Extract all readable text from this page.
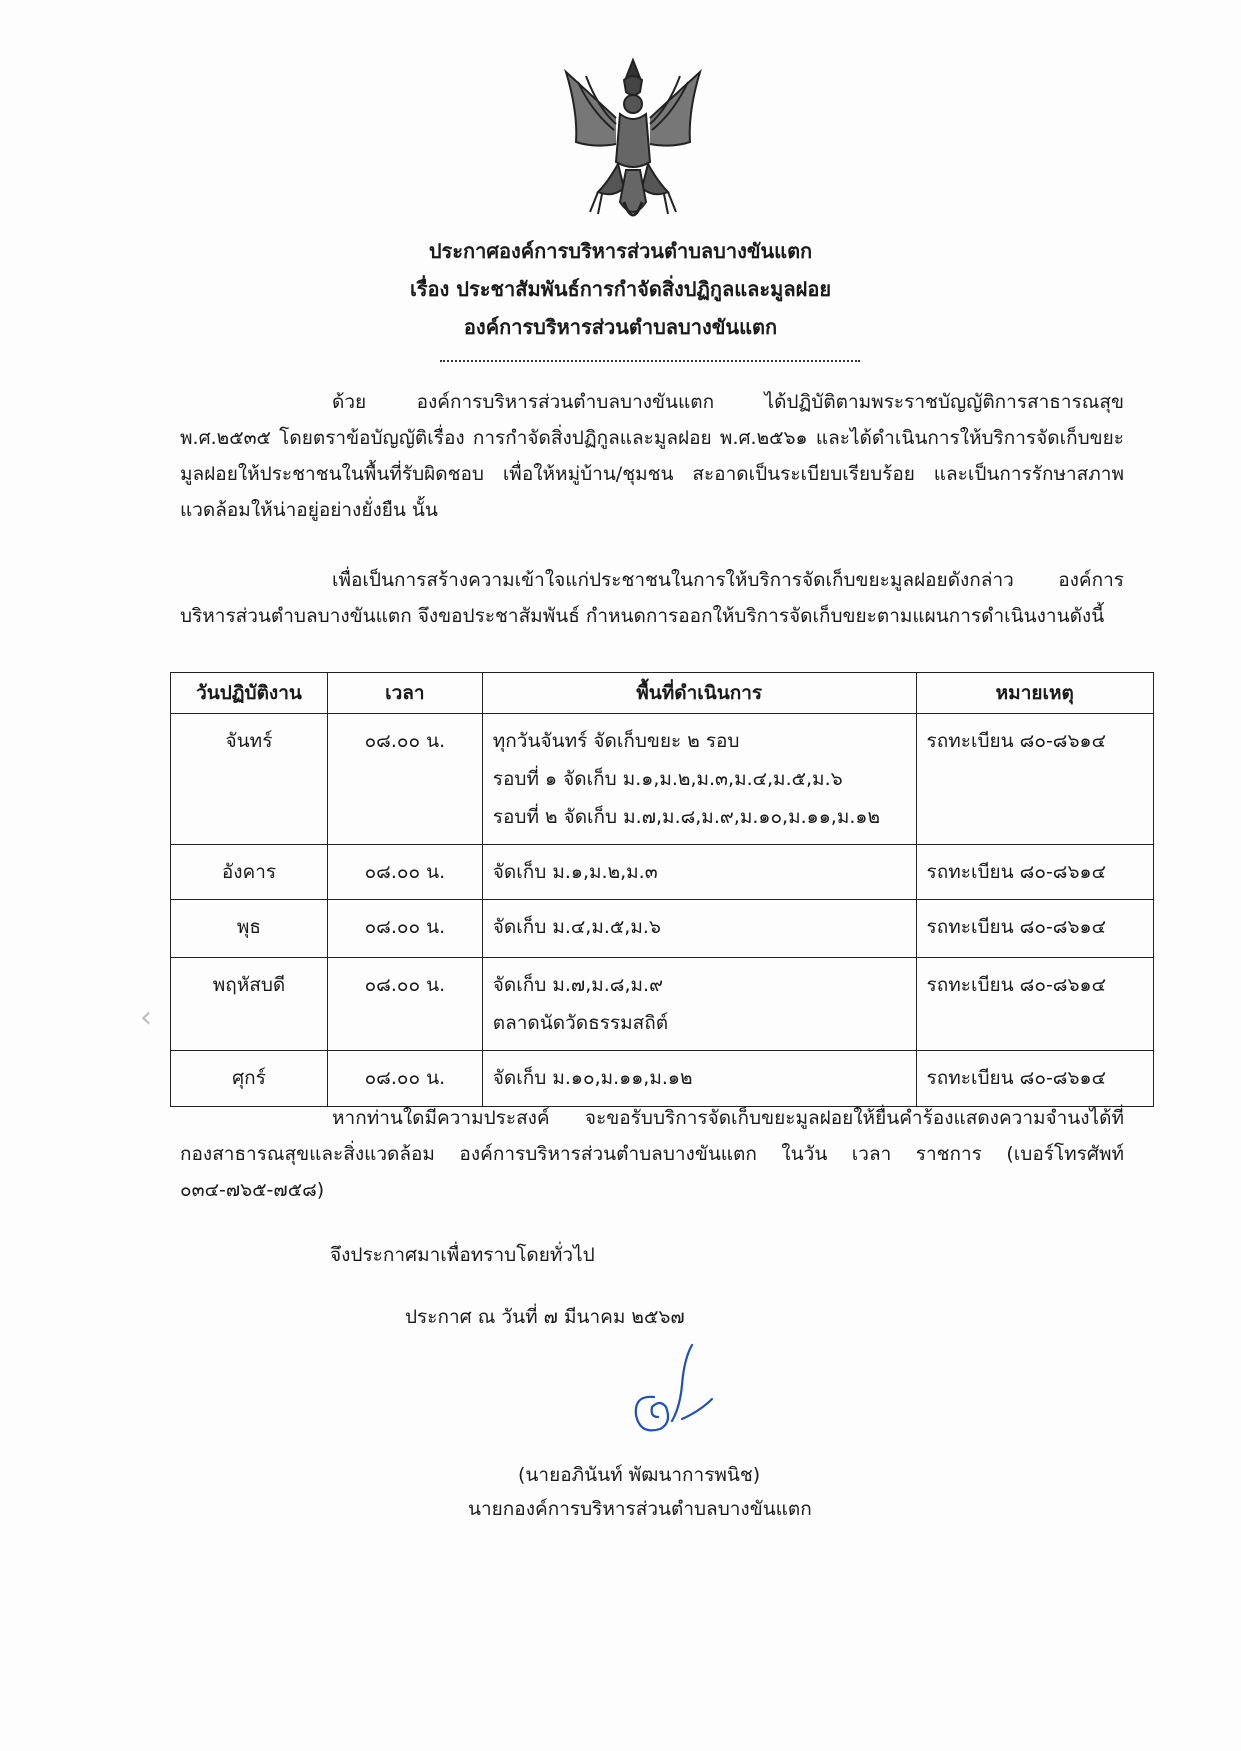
ประกาศองค์การบริหารส่วนตำบลบางขันแตก
เรื่อง ประชาสัมพันธ์การกำจัดสิ่งปฏิกูลและมูลฝอย
องค์การบริหารส่วนตำบลบางขันแตก

ด้วย องค์การบริหารส่วนตำบลบางขันแตก ได้ปฏิบัติตามพระราชบัญญัติการสาธารณสุข พ.ศ.๒๕๓๕ โดยตราข้อบัญญัติเรื่อง การกำจัดสิ่งปฏิกูลและมูลฝอย พ.ศ.๒๕๖๑ และได้ดำเนินการให้บริการจัดเก็บขยะ มูลฝอยให้ประชาชนในพื้นที่รับผิดชอบ เพื่อให้หมู่บ้าน/ชุมชน สะอาดเป็นระเบียบเรียบร้อย และเป็นการรักษาสภาพแวดล้อมให้น่าอยู่อย่างยั่งยืน นั้น

เพื่อเป็นการสร้างความเข้าใจแก่ประชาชนในการให้บริการจัดเก็บขยะมูลฝอยดังกล่าว องค์การบริหารส่วนตำบลบางขันแตก จึงขอประชาสัมพันธ์ กำหนดการออกให้บริการจัดเก็บขยะตามแผนการดำเนินงานดังนี้

วันปฏิบัติงาน	เวลา	พื้นที่ดำเนินการ	หมายเหตุ
จันทร์	๐๘.๐๐ น.	ทุกวันจันทร์ จัดเก็บขยะ ๒ รอบ
รอบที่ ๑ จัดเก็บ ม.๑,ม.๒,ม.๓,ม.๔,ม.๕,ม.๖
รอบที่ ๒ จัดเก็บ ม.๗,ม.๘,ม.๙,ม.๑๐,ม.๑๑,ม.๑๒	รถทะเบียน ๘๐-๘๖๑๔
อังคาร	๐๘.๐๐ น.	จัดเก็บ ม.๑,ม.๒,ม.๓	รถทะเบียน ๘๐-๘๖๑๔
พุธ	๐๘.๐๐ น.	จัดเก็บ ม.๔,ม.๕,ม.๖	รถทะเบียน ๘๐-๘๖๑๔
พฤหัสบดี	๐๘.๐๐ น.	จัดเก็บ ม.๗,ม.๘,ม.๙
ตลาดนัดวัดธรรมสถิต์	รถทะเบียน ๘๐-๘๖๑๔
ศุกร์	๐๘.๐๐ น.	จัดเก็บ ม.๑๐,ม.๑๑,ม.๑๒	รถทะเบียน ๘๐-๘๖๑๔

หากท่านใดมีความประสงค์ จะขอรับบริการจัดเก็บขยะมูลฝอยให้ยื่นคำร้องแสดงความจำนงได้ที่กองสาธารณสุขและสิ่งแวดล้อม องค์การบริหารส่วนตำบลบางขันแตก ในวัน เวลา ราชการ (เบอร์โทรศัพท์ ๐๓๔-๗๖๕-๗๕๘)

จึงประกาศมาเพื่อทราบโดยทั่วไป
ประกาศ ณ วันที่ ๗ มีนาคม ๒๕๖๗
(นายอภินันท์ พัฒนาการพนิช)
นายกองค์การบริหารส่วนตำบลบางขันแตก
‹
